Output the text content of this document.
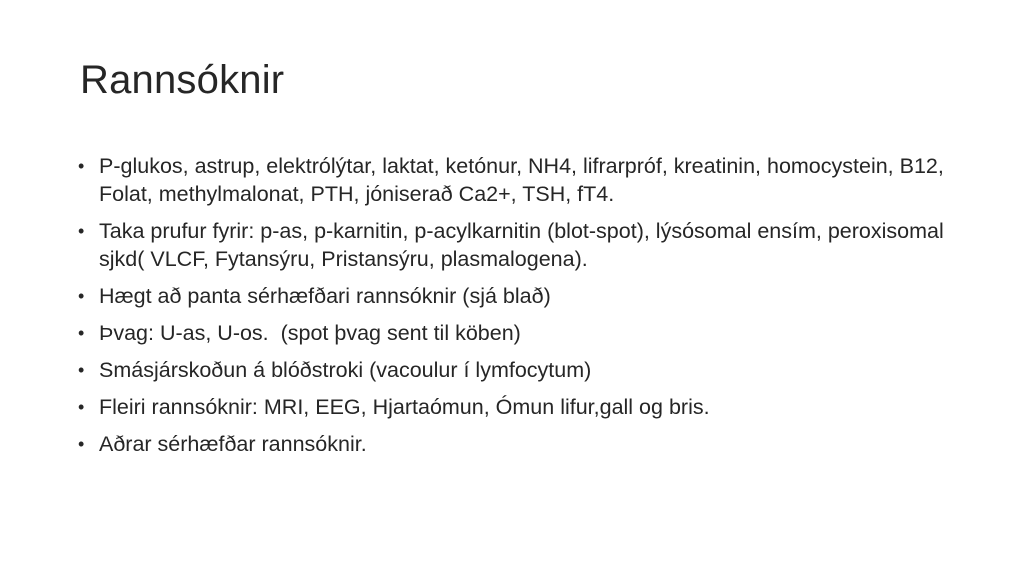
Rannsóknir
• P-glukos, astrup, elektrólýtar, laktat, ketónur, NH4, lifrarpróf, kreatinin, homocystein, B12, Folat, methylmalonat, PTH, jóniserað Ca2+, TSH, fT4.
• Taka prufur fyrir: p-as, p-karnitin, p-acylkarnitin (blot-spot), lýsósomal ensím, peroxisomal sjkd( VLCF, Fytansýru, Pristansýru, plasmalogena).
• Hægt að panta sérhæfðari rannsóknir (sjá blað)
• Þvag: U-as, U-os.  (spot þvag sent til köben)
• Smásjárskoðun á blóðstroki (vacoulur í lymfocytum)
• Fleiri rannsóknir: MRI, EEG, Hjartaómun, Ómun lifur,gall og bris.
• Aðrar sérhæfðar rannsóknir.
